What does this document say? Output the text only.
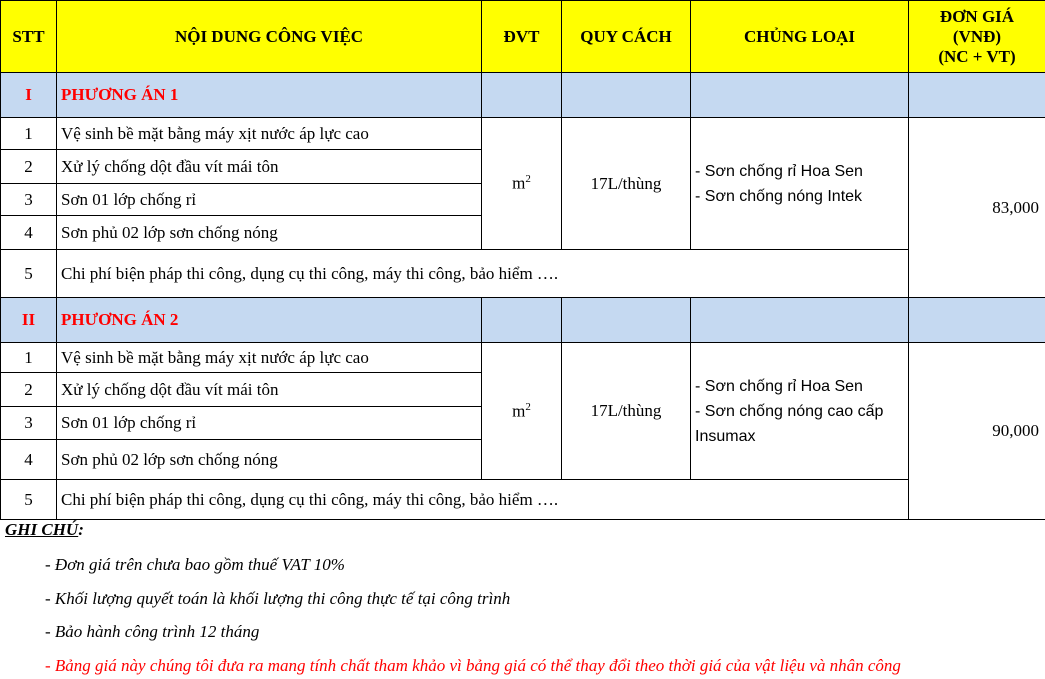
STT	NỘI DUNG CÔNG VIỆC	ĐVT	QUY CÁCH	CHỦNG LOẠI	ĐƠN GIÁ
(VNĐ)
(NC + VT)

I	PHƯƠNG ÁN 1				
1	Vệ sinh bề mặt bằng máy xịt nước áp lực cao	$m^2$	17L/thùng	- Sơn chống rỉ Hoa Sen
- Sơn chống nóng Intek	83,000
2	Xử lý chống dột đầu vít mái tôn				
3	Sơn 01 lớp chống rỉ				
4	Sơn phủ 02 lớp sơn chống nóng				
5	Chi phí biện pháp thi công, dụng cụ thi công, máy thi công, bảo hiểm ….				
II	PHƯƠNG ÁN 2				
1	Vệ sinh bề mặt bằng máy xịt nước áp lực cao	$m^2$	17L/thùng	- Sơn chống rỉ Hoa Sen
- Sơn chống nóng cao cấp
Insumax	90,000
2	Xử lý chống dột đầu vít mái tôn				
3	Sơn 01 lớp chống rỉ				
4	Sơn phủ 02 lớp sơn chống nóng				
5	Chi phí biện pháp thi công, dụng cụ thi công, máy thi công, bảo hiểm ….				
GHI CHÚ:
- Đơn giá trên chưa bao gồm thuế VAT 10%
- Khối lượng quyết toán là khối lượng thi công thực tế tại công trình
- Bảo hành công trình 12 tháng
- Bảng giá này chúng tôi đưa ra mang tính chất tham khảo vì bảng giá có thể thay đổi theo thời giá của vật liệu và nhân công
